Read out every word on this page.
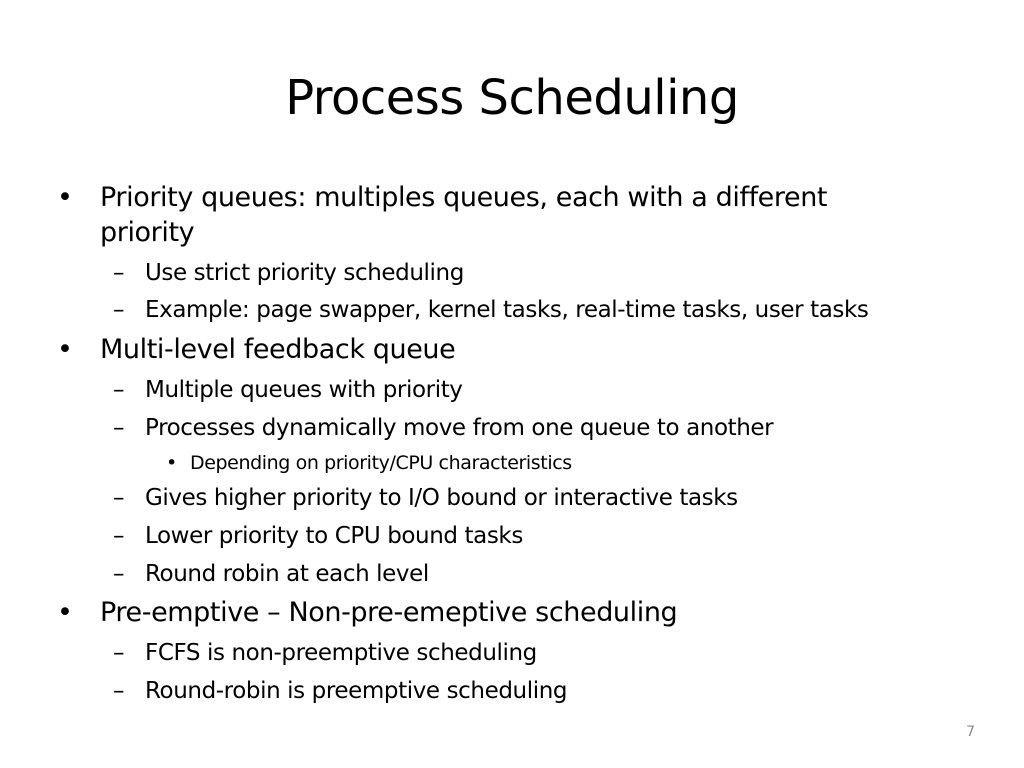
Process Scheduling
• Priority queues: multiples queues, each with a different
priority
– Use strict priority scheduling
– Example: page swapper, kernel tasks, real-time tasks, user tasks
• Multi-level feedback queue
– Multiple queues with priority
– Processes dynamically move from one queue to another
• Depending on priority/CPU characteristics
– Gives higher priority to I/O bound or interactive tasks
– Lower priority to CPU bound tasks
– Round robin at each level
• Pre-emptive – Non-pre-emeptive scheduling
– FCFS is non-preemptive scheduling
– Round-robin is preemptive scheduling
7
